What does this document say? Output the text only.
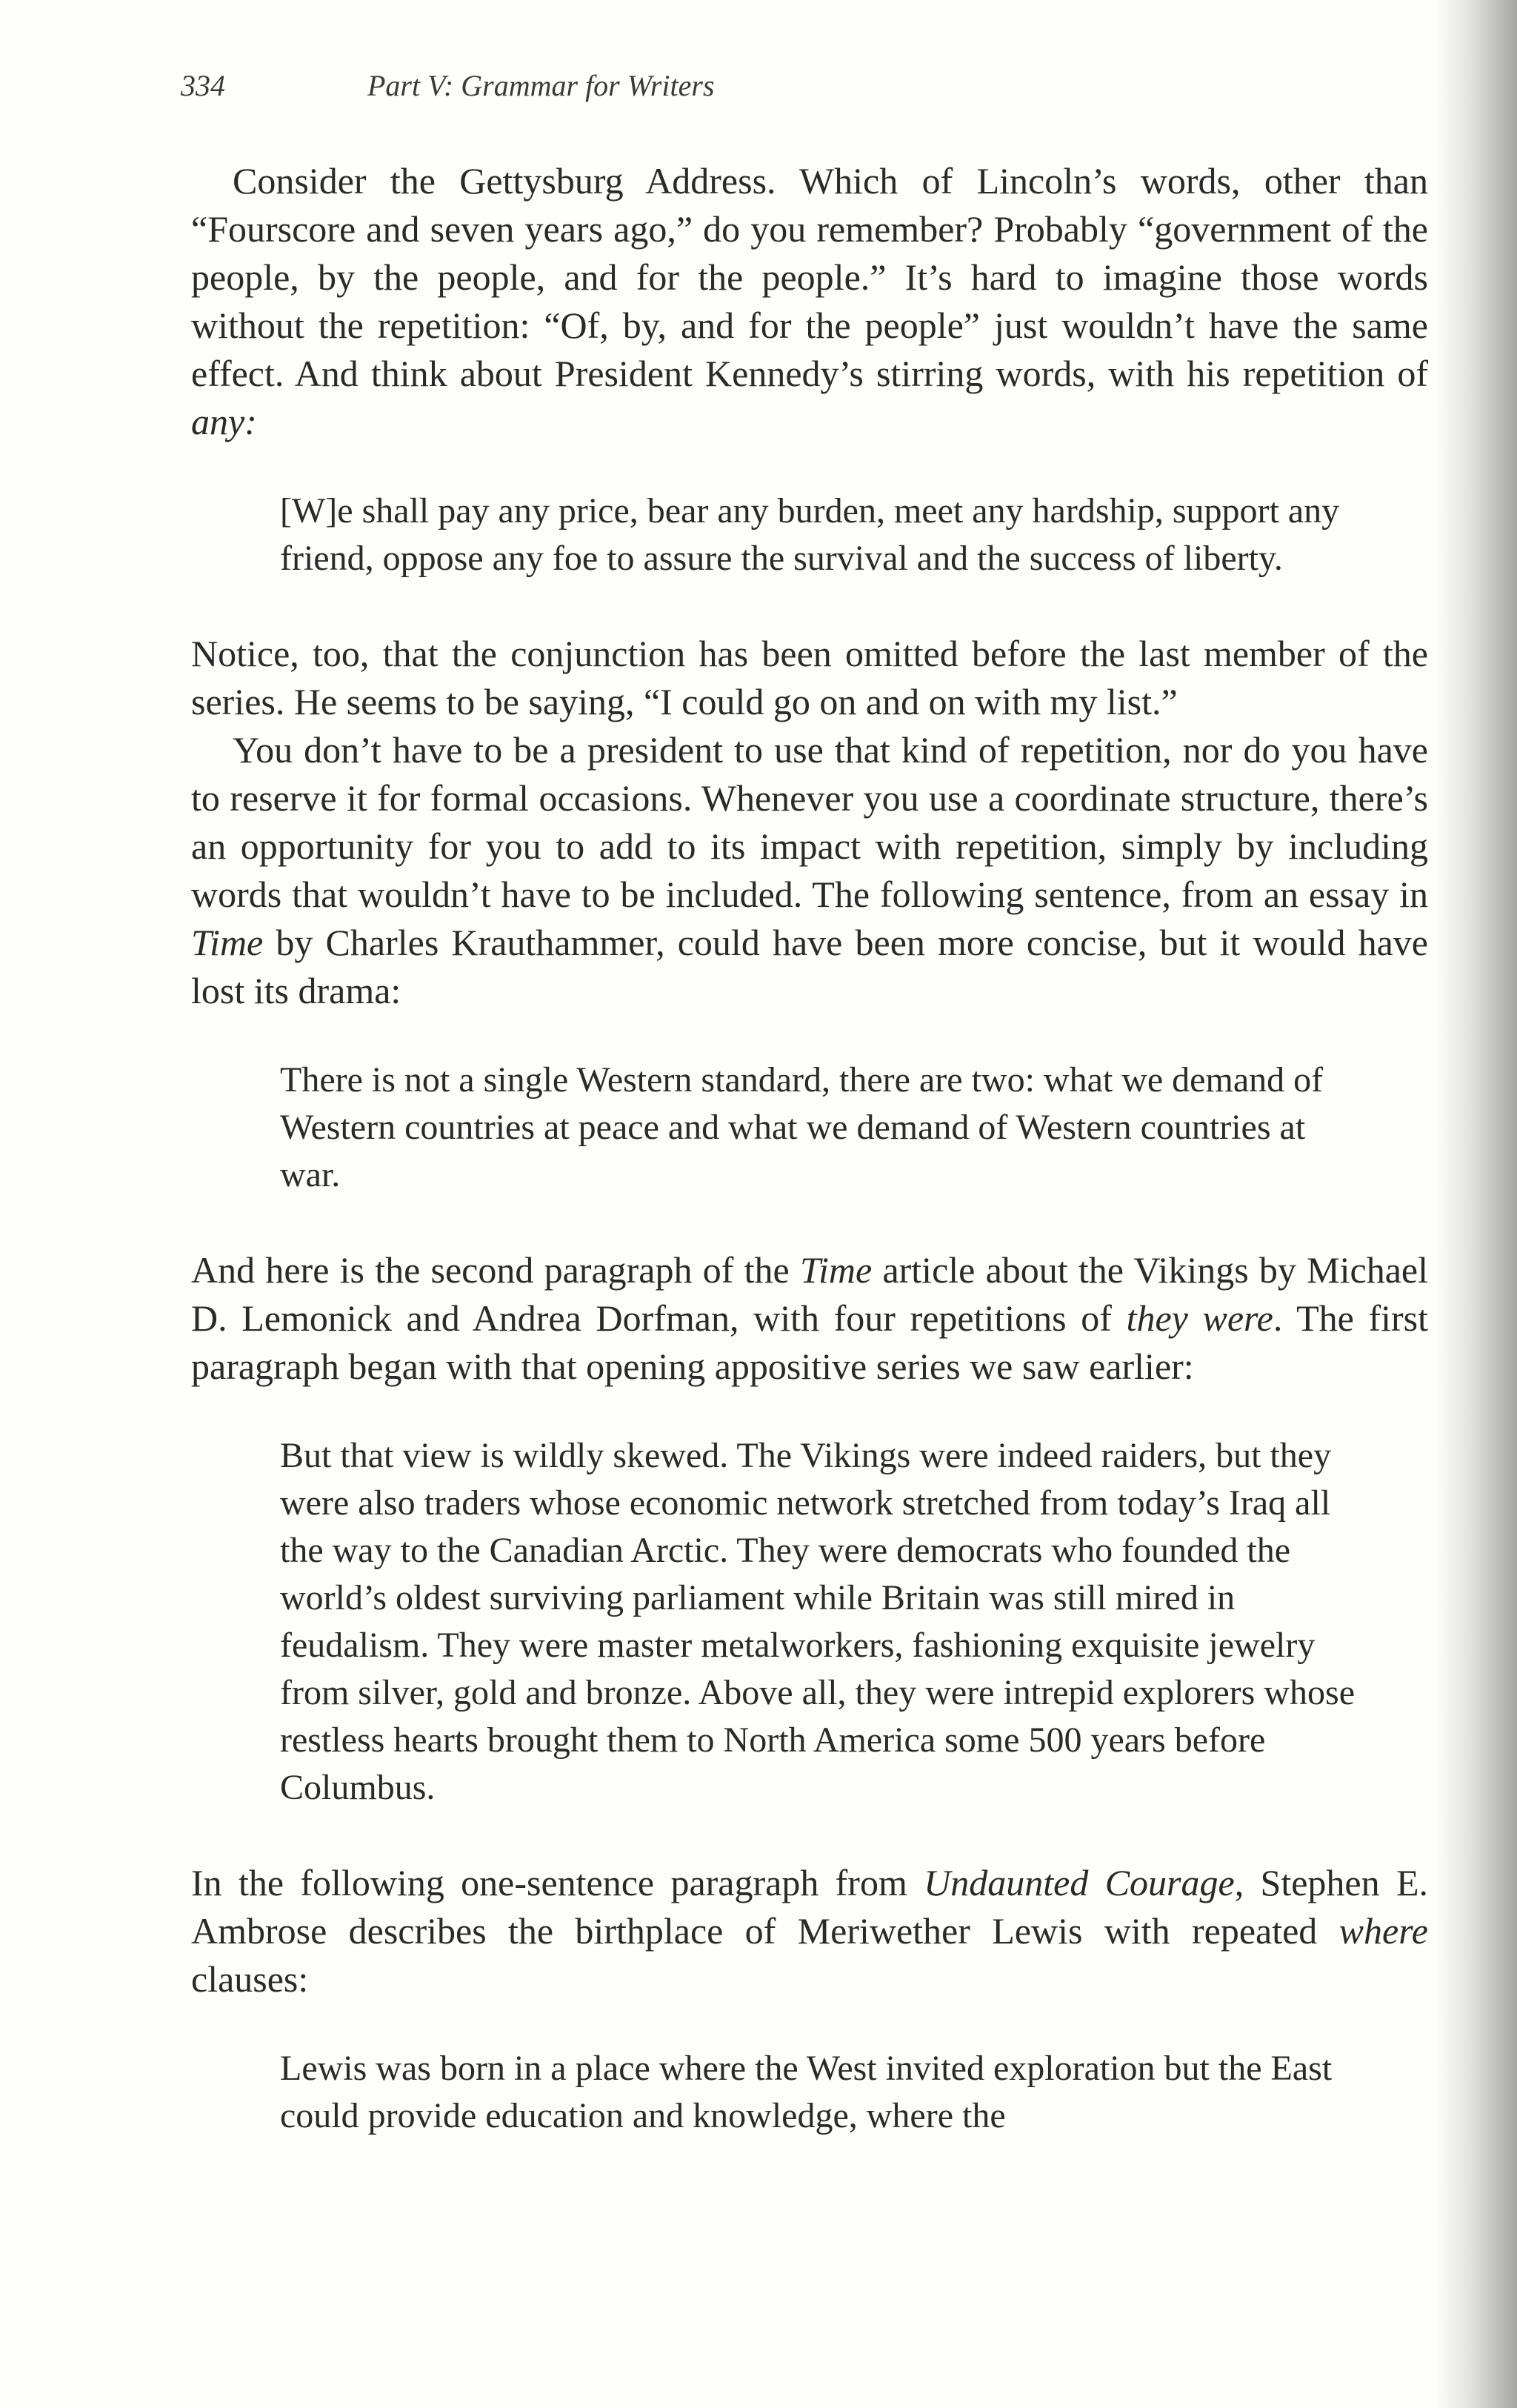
334	Part V: Grammar for Writers

Consider the Gettysburg Address. Which of Lincoln’s words, other than “Fourscore and seven years ago,” do you remember? Probably “government of the people, by the people, and for the people.” It’s hard to imagine those words without the repetition: “Of, by, and for the people” just wouldn’t have the same effect. And think about President Kennedy’s stirring words, with his repetition of any:

[W]e shall pay any price, bear any burden, meet any hardship, support any friend, oppose any foe to assure the survival and the success of liberty.

Notice, too, that the conjunction has been omitted before the last member of the series. He seems to be saying, “I could go on and on with my list.”

You don’t have to be a president to use that kind of repetition, nor do you have to reserve it for formal occasions. Whenever you use a coordinate structure, there’s an opportunity for you to add to its impact with repetition, simply by including words that wouldn’t have to be included. The following sentence, from an essay in Time by Charles Krauthammer, could have been more concise, but it would have lost its drama:

There is not a single Western standard, there are two: what we demand of Western countries at peace and what we demand of Western countries at war.

And here is the second paragraph of the Time article about the Vikings by Michael D. Lemonick and Andrea Dorfman, with four repetitions of they were. The first paragraph began with that opening appositive series we saw earlier:

But that view is wildly skewed. The Vikings were indeed raiders, but they were also traders whose economic network stretched from today’s Iraq all the way to the Canadian Arctic. They were democrats who founded the world’s oldest surviving parliament while Britain was still mired in feudalism. They were master metalworkers, fashioning exquisite jewelry from silver, gold and bronze. Above all, they were intrepid explorers whose restless hearts brought them to North America some 500 years before Columbus.

In the following one-sentence paragraph from Undaunted Courage, Stephen E. Ambrose describes the birthplace of Meriwether Lewis with repeated where clauses:

Lewis was born in a place where the West invited exploration but the East could provide education and knowledge, where the
